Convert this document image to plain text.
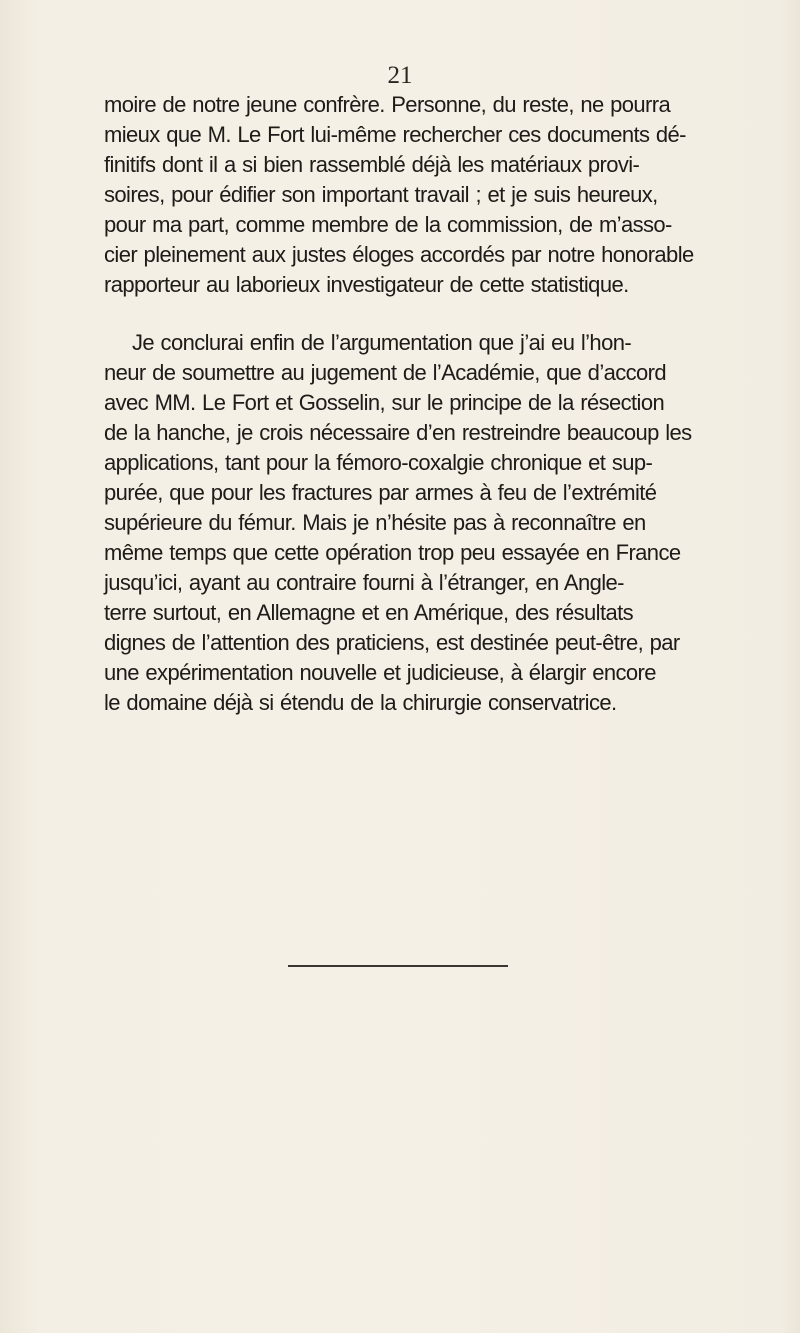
21
moire de notre jeune confrère. Personne, du reste, ne pourra
mieux que M. Le Fort lui-même rechercher ces documents dé-
finitifs dont il a si bien rassemblé déjà les matériaux provi-
soires, pour édifier son important travail ; et je suis heureux,
pour ma part, comme membre de la commission, de m’asso-
cier pleinement aux justes éloges accordés par notre honorable
rapporteur au laborieux investigateur de cette statistique.
Je conclurai enfin de l’argumentation que j’ai eu l’hon-
neur de soumettre au jugement de l’Académie, que d’accord
avec MM. Le Fort et Gosselin, sur le principe de la résection
de la hanche, je crois nécessaire d’en restreindre beaucoup les
applications, tant pour la fémoro-coxalgie chronique et sup-
purée, que pour les fractures par armes à feu de l’extrémité
supérieure du fémur. Mais je n’hésite pas à reconnaître en
même temps que cette opération trop peu essayée en France
jusqu’ici, ayant au contraire fourni à l’étranger, en Angle-
terre surtout, en Allemagne et en Amérique, des résultats
dignes de l’attention des praticiens, est destinée peut-être, par
une expérimentation nouvelle et judicieuse, à élargir encore
le domaine déjà si étendu de la chirurgie conservatrice.
